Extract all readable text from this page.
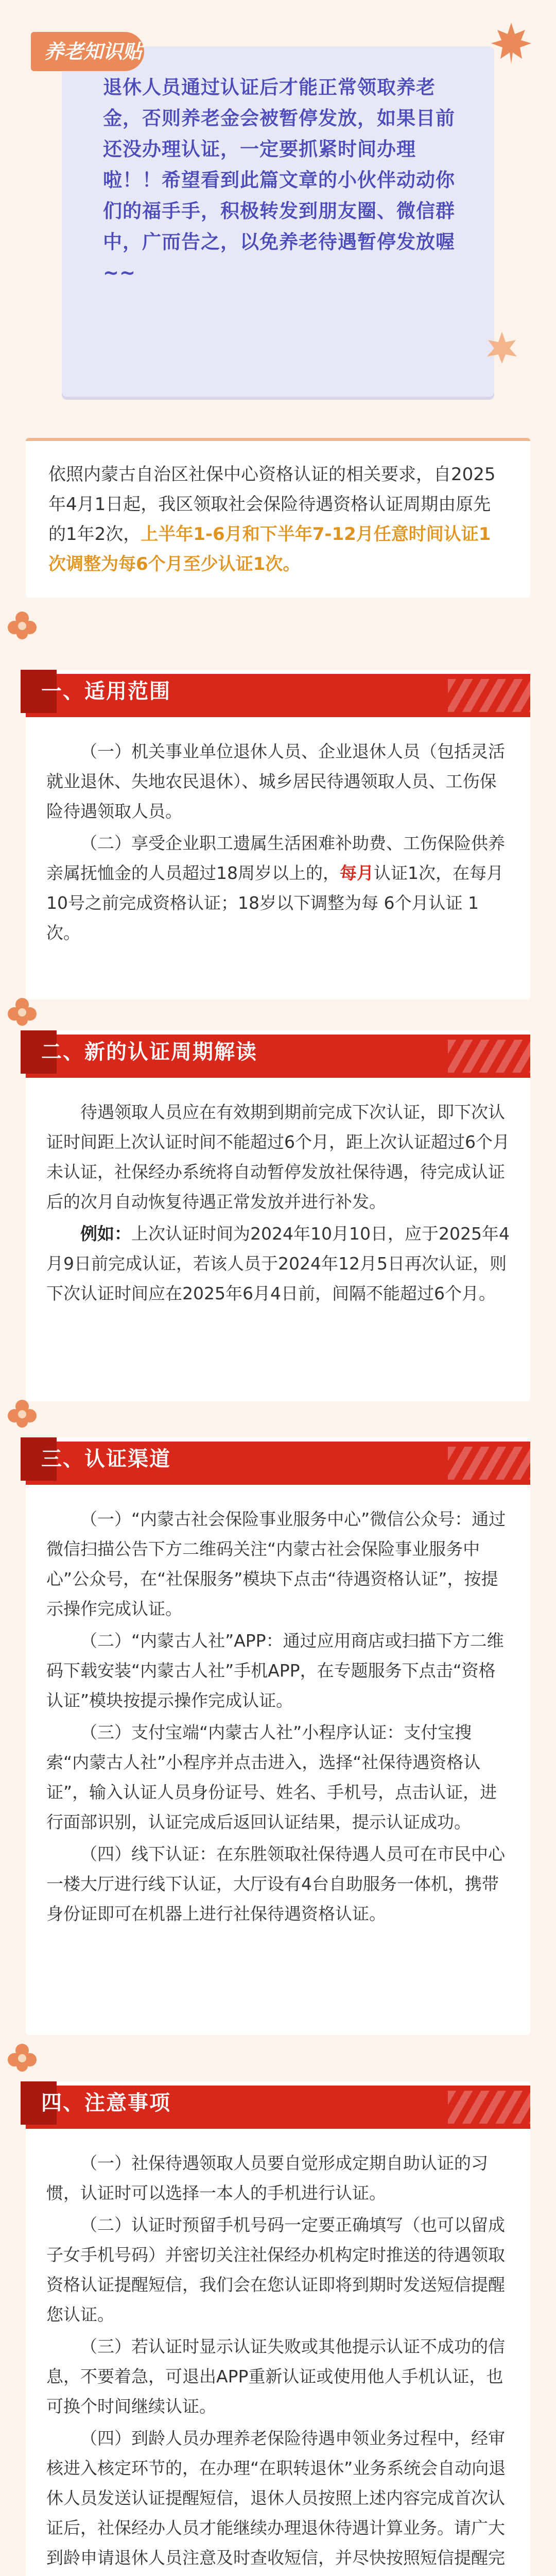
养老知识贴
退休人员通过认证后才能正常领取养老金，否则养老金会被暂停发放，如果目前还没办理认证，一定要抓紧时间办理啦！！希望看到此篇文章的小伙伴动动你们的福手手，积极转发到朋友圈、微信群中，广而告之，以免养老待遇暂停发放喔~~
依照内蒙古自治区社保中心资格认证的相关要求，自2025年4月1日起，我区领取社会保险待遇资格认证周期由原先的1年2次，上半年1-6月和下半年7-12月任意时间认证1次调整为每6个月至少认证1次。
一、适用范围

（一）机关事业单位退休人员、企业退休人员（包括灵活就业退休、失地农民退休）、城乡居民待遇领取人员、工伤保险待遇领取人员。

（二）享受企业职工遗属生活困难补助费、工伤保险供养亲属抚恤金的人员超过18周岁以上的，每月认证1次，在每月10号之前完成资格认证；18岁以下调整为每 6个月认证 1次。

二、新的认证周期解读

待遇领取人员应在有效期到期前完成下次认证，即下次认证时间距上次认证时间不能超过6个月，距上次认证超过6个月未认证，社保经办系统将自动暂停发放社保待遇，待完成认证后的次月自动恢复待遇正常发放并进行补发。

例如：上次认证时间为2024年10月10日，应于2025年4月9日前完成认证，若该人员于2024年12月5日再次认证，则下次认证时间应在2025年6月4日前，间隔不能超过6个月。

三、认证渠道

（一）“内蒙古社会保险事业服务中心”微信公众号：通过微信扫描公告下方二维码关注“内蒙古社会保险事业服务中心”公众号，在“社保服务”模块下点击“待遇资格认证”，按提示操作完成认证。

（二）“内蒙古人社”APP：通过应用商店或扫描下方二维码下载安装“内蒙古人社”手机APP，在专题服务下点击“资格认证”模块按提示操作完成认证。

（三）支付宝端“内蒙古人社”小程序认证：支付宝搜索“内蒙古人社”小程序并点击进入，选择“社保待遇资格认证”，输入认证人员身份证号、姓名、手机号，点击认证，进行面部识别，认证完成后返回认证结果，提示认证成功。

（四）线下认证：在东胜领取社保待遇人员可在市民中心一楼大厅进行线下认证，大厅设有4台自助服务一体机，携带身份证即可在机器上进行社保待遇资格认证。

四、注意事项

（一）社保待遇领取人员要自觉形成定期自助认证的习惯，认证时可以选择一本人的手机进行认证。

（二）认证时预留手机号码一定要正确填写（也可以留成子女手机号码）并密切关注社保经办机构定时推送的待遇领取资格认证提醒短信，我们会在您认证即将到期时发送短信提醒您认证。

（三）若认证时显示认证失败或其他提示认证不成功的信息，不要着急，可退出APP重新认证或使用他人手机认证，也可换个时间继续认证。

（四）到龄人员办理养老保险待遇申领业务过程中，经审核进入核定环节的，在办理“在职转退休”业务系统会自动向退休人员发送认证提醒短信，退休人员按照上述内容完成首次认证后，社保经办人员才能继续办理退休待遇计算业务。请广大到龄申请退休人员注意及时查收短信，并尽快按照短信提醒完
